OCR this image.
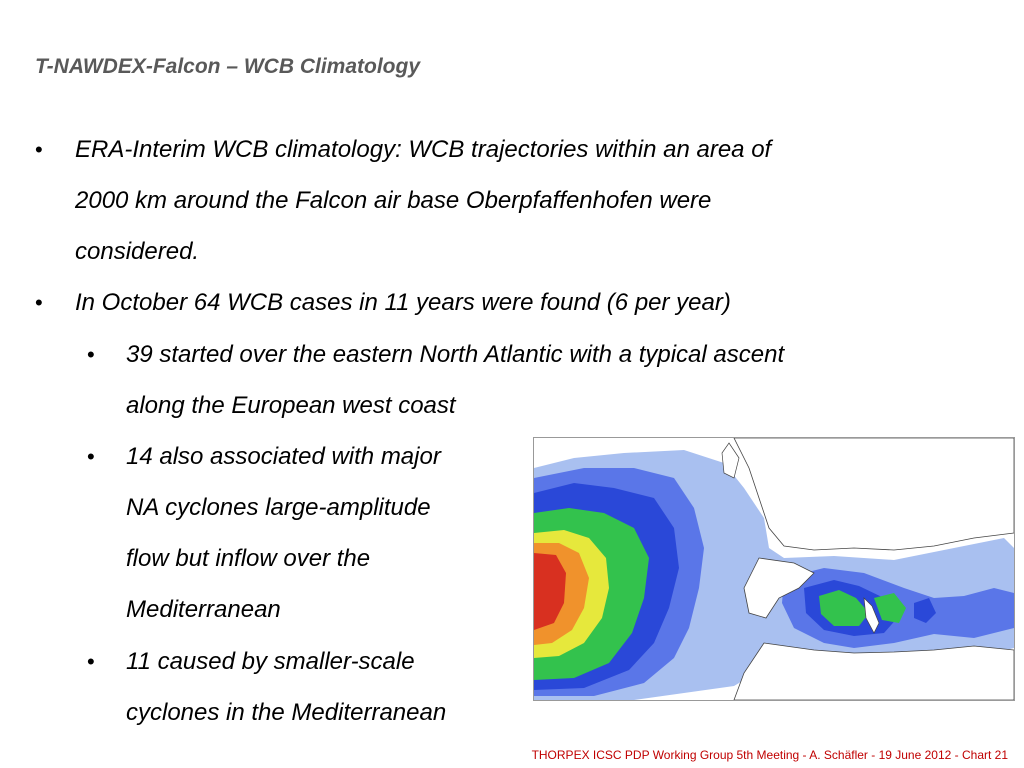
T-NAWDEX-Falcon – WCB Climatology
• ERA-Interim WCB climatology: WCB trajectories within an area of
2000 km around the Falcon air base Oberpfaffenhofen were
considered.
• In October 64 WCB cases in 11 years were found (6 per year)
• 39 started over the eastern North Atlantic with a typical ascent
along the European west coast
• 14 also associated with major
NA cyclones large-amplitude
flow but inflow over the
Mediterranean
• 11 caused by smaller-scale
cyclones in the Mediterranean
THORPEX ICSC PDP Working Group 5th Meeting - A. Schäfler - 19 June 2012 - Chart 21
